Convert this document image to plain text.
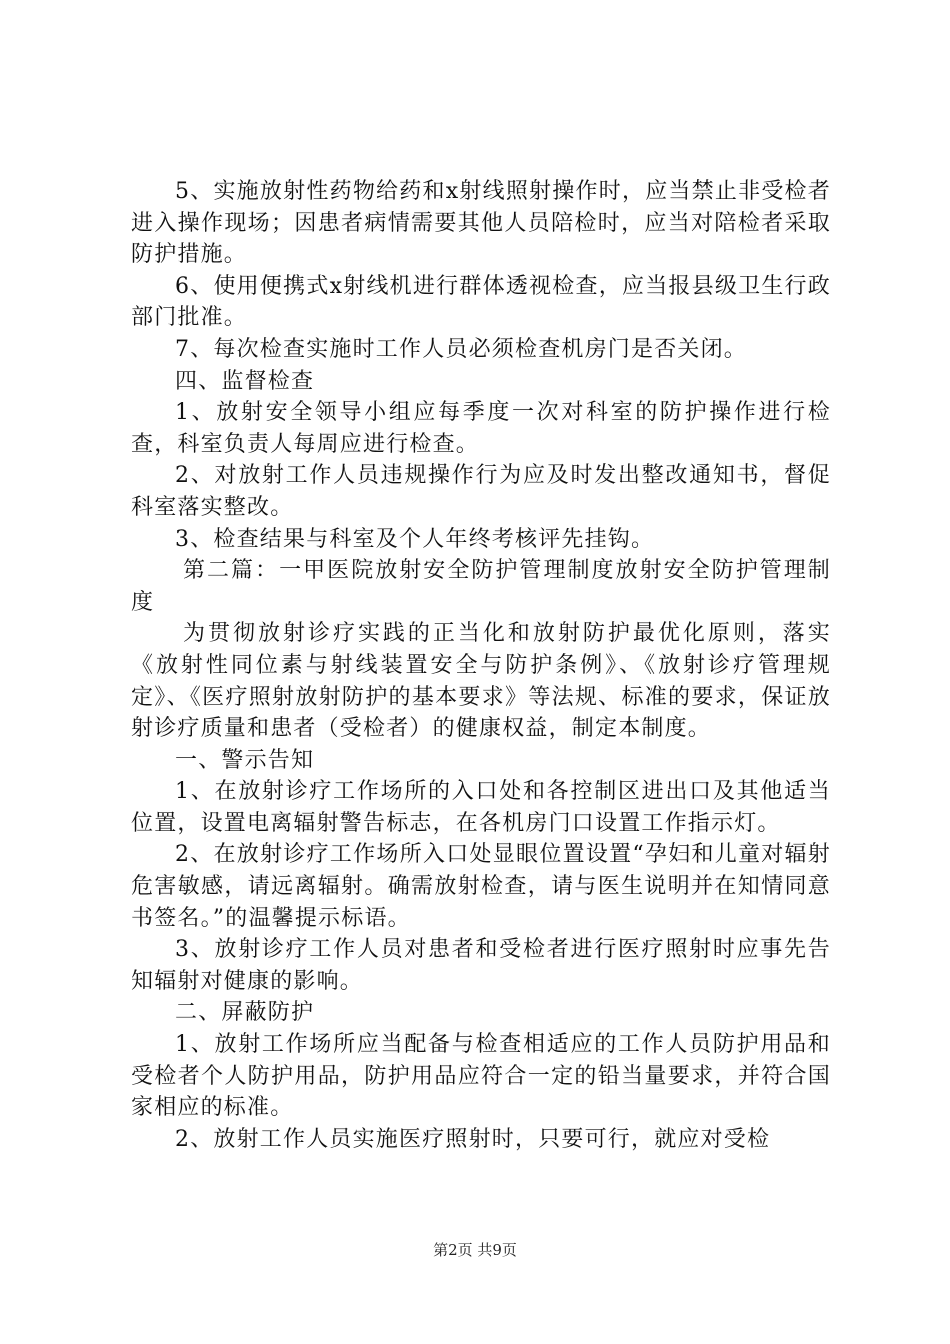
5、实施放射性药物给药和x射线照射操作时，应当禁止非受检者进入操作现场；因患者病情需要其他人员陪检时，应当对陪检者采取防护措施。

6、使用便携式x射线机进行群体透视检查，应当报县级卫生行政部门批准。

7、每次检查实施时工作人员必须检查机房门是否关闭。

四、监督检查

1、放射安全领导小组应每季度一次对科室的防护操作进行检查，科室负责人每周应进行检查。

2、对放射工作人员违规操作行为应及时发出整改通知书，督促科室落实整改。

3、检查结果与科室及个人年终考核评先挂钩。

第二篇：一甲医院放射安全防护管理制度放射安全防护管理制度

为贯彻放射诊疗实践的正当化和放射防护最优化原则，落实《放射性同位素与射线装置安全与防护条例》、《放射诊疗管理规定》、《医疗照射放射防护的基本要求》等法规、标准的要求，保证放射诊疗质量和患者（受检者）的健康权益，制定本制度。

一、警示告知

1、在放射诊疗工作场所的入口处和各控制区进出口及其他适当位置，设置电离辐射警告标志，在各机房门口设置工作指示灯。

2、在放射诊疗工作场所入口处显眼位置设置“孕妇和儿童对辐射危害敏感，请远离辐射。确需放射检查，请与医生说明并在知情同意书签名。”的温馨提示标语。

3、放射诊疗工作人员对患者和受检者进行医疗照射时应事先告知辐射对健康的影响。

二、屏蔽防护

1、放射工作场所应当配备与检查相适应的工作人员防护用品和受检者个人防护用品，防护用品应符合一定的铅当量要求，并符合国家相应的标准。

2、放射工作人员实施医疗照射时，只要可行，就应对受检

第2页 共9页
